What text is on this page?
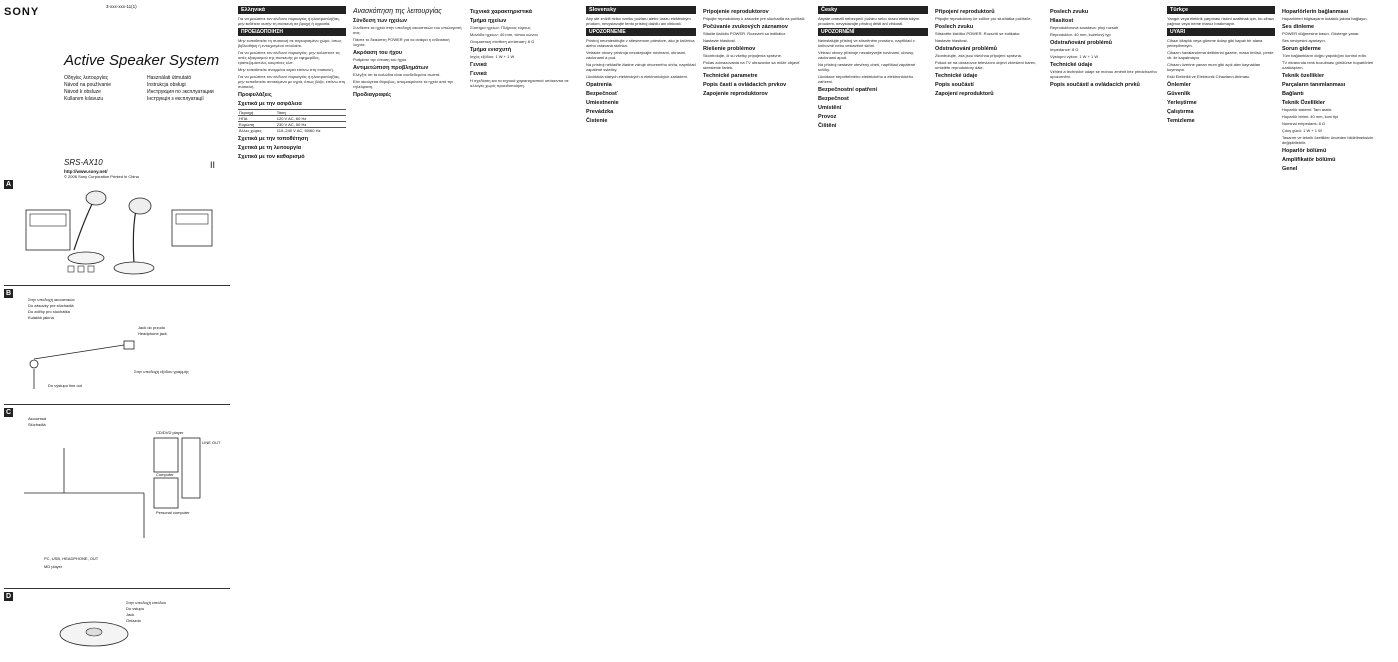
SONY
Active Speaker System
Οδηγίες λειτουργίας	Használati útmutató
Návod na používanie	Instrukcja obsługi
Návod k obsluze	Инструкция по эксплуатации
Kullanım kılavuzu	Інструкція з експлуатації
SRS-AX10
http://www.sony.net/
© 2006 Sony Corporation Printed in China
3-xxx-xxx-11(1)
II
A
B
Στην υποδοχή ακουστικών
Do zásuvky pre slúchadlá
Do zdířky pro sluchátka
Kulaklık jakına
Jack do przodu
Headphone jack
Στην υποδοχή εξόδου γραμμής
Do výstupu line out
C
Ακουστικά
Slúchadlá
CD/DVD player
Computer
LINE OUT
Personal computer
PC, USB, HEADPHONE, OUT
MD player
D
Στην υποδοχή εισόδου
Do vstupu
Jack
Gniazdo
Ελληνικά

Για να μειώσετε τον κίνδυνο πυρκαγιάς ή ηλεκτροπληξίας, μην εκθέτετε αυτήν τη συσκευή σε βροχή ή υγρασία.

ΠΡΟΕΙΔΟΠΟΙΗΣΗ

Μην τοποθετείτε τη συσκευή σε περιορισμένο χώρο, όπως βιβλιοθήκη ή εντοιχισμένο ντουλάπι.

Για να μειώσετε τον κίνδυνο πυρκαγιάς, μην καλύπτετε τις οπές εξαερισμού της συσκευής με εφημερίδες, τραπεζομάντιλα, κουρτίνες κλπ.

Μην τοποθετείτε αναμμένα κεριά επάνω στη συσκευή.

Για να μειώσετε τον κίνδυνο πυρκαγιάς ή ηλεκτροπληξίας, μην τοποθετείτε αντικείμενα με υγρά, όπως βάζα, επάνω στη συσκευή.

Προφυλάξεις
Σχετικά με την ασφάλεια
Περιοχή	Τάση
ΗΠΑ	120 V AC, 60 Hz
Ευρώπη	230 V AC, 50 Hz
Άλλες χώρες	110–240 V AC, 50/60 Hz
Σχετικά με την τοποθέτηση
Σχετικά με τη λειτουργία
Σχετικά με τον καθαρισμό
Ανασκόπηση της λειτουργίας
Σύνδεση των ηχείων

Συνδέστε τα ηχεία στην υποδοχή ακουστικών του υπολογιστή σας.

Πιέστε το διακόπτη POWER για να ανάψει η ενδεικτική λυχνία.

Ακρόαση του ήχου

Ρυθμίστε την ένταση του ήχου.

Αντιμετώπιση προβλημάτων

Ελέγξτε ότι τα καλώδια είναι συνδεδεμένα σωστά.

Εάν ακούγεται θόρυβος, απομακρύνετε τα ηχεία από την τηλεόραση.

Προδιαγραφές
Τεχνικά χαρακτηριστικά
Τμήμα ηχείων

Σύστημα ηχείων: Πλήρους εύρους

Μονάδα ηχείων: 40 mm, τύπου κώνου

Ονομαστική σύνθετη αντίσταση: 8 Ω

Τμήμα ενισχυτή

Ισχύς εξόδου: 1 W + 1 W

Γενικά
Γενικά

Η σχεδίαση και τα τεχνικά χαρακτηριστικά υπόκεινται σε αλλαγές χωρίς προειδοποίηση.

Slovensky

Aby ste znížili riziko vzniku požiaru alebo úrazu elektrickým prúdom, nevystavujte tento prístroj dažďu ani vlhkosti.

UPOZORNENIE

Prístroj neumiestňujte v stiesnenom priestore, ako je knižnica alebo vstavaná skrinka.

Vetracie otvory prístroja nezakrývajte novinami, obrusmi, záclonami a pod.

Na prístroj neklaďte žiadne zdroje otvoreného ohňa, napríklad zapálené sviečky.

Likvidácia starých elektrických a elektronických zariadení.

Opatrenia
Bezpečnosť
Umiestnenie
Prevádzka
Čistenie
Pripojenie reproduktorov

Pripojte reproduktory k zásuvke pre slúchadlá na počítači.

Počúvanie zvukových záznamov

Stlačte tlačidlo POWER. Rozsvieti sa indikátor.

Nastavte hlasitosť.

Riešenie problémov

Skontrolujte, či sú všetky pripojenia správne.

Počas zobrazovania na TV obrazovke sa môže objaviť skreslenie farieb.

Technické parametre
Popis častí a ovládacích prvkov
Zapojenie reproduktorov
Česky

Abyste omezili nebezpečí požáru nebo úrazu elektrickým proudem, nevystavujte přístroj dešti ani vlhkosti.

UPOZORNĚNÍ

Neinstalujte přístroj ve stísněném prostoru, například v knihovně nebo vestavěné skříni.

Větrací otvory přístroje nezakrývejte novinami, ubrusy, záclonami apod.

Na přístroj nestavte otevřený oheň, například zapálené svíčky.

Likvidace nepotřebného elektrického a elektronického zařízení.

Bezpečnostní opatření
Bezpečnost
Umístění
Provoz
Čištění
Připojení reproduktorů

Připojte reproduktory ke zdířce pro sluchátka počítače.

Poslech zvuku

Stiskněte tlačítko POWER. Rozsvítí se indikátor.

Nastavte hlasitost.

Odstraňování problémů

Zkontrolujte, zda jsou všechna připojení správná.

Pokud se na obrazovce televizoru objeví zkreslení barev, umístěte reproduktory dále.

Technické údaje
Popis součástí
Zapojení reproduktorů
Poslech zvuku
Hlasitost

Reproduktorová soustava: plný rozsah

Reproduktor: 40 mm, kuželový typ

Odstraňování problémů

Impedance: 8 Ω

Výstupní výkon: 1 W + 1 W

Technické údaje

Vzhled a technické údaje se mohou změnit bez předchozího upozornění.

Popis součástí a ovládacích prvků
Türkçe

Yangın veya elektrik çarpması riskini azaltmak için, bu cihazı yağmur veya neme maruz bırakmayın.

UYARI

Cihazı kitaplık veya gömme dolap gibi kapalı bir alana yerleştirmeyin.

Cihazın havalandırma deliklerini gazete, masa örtüsü, perde vb. ile kapatmayın.

Cihazın üzerine yanan mum gibi açık alev kaynakları koymayın.

Eski Elektrikli ve Elektronik Cihazların Atılması.

Önlemler
Güvenlik
Yerleştirme
Çalıştırma
Temizleme
Hoparlörlerin bağlanması

Hoparlörleri bilgisayarın kulaklık jakına bağlayın.

Ses dinleme

POWER düğmesine basın. Gösterge yanar.

Ses seviyesini ayarlayın.

Sorun giderme

Tüm bağlantıların doğru yapıldığını kontrol edin.

TV ekranında renk bozulması görülürse hoparlörleri uzaklaştırın.

Teknik özellikler
Parçaların tanımlanması
Bağlantı
Teknik Özellikler

Hoparlör sistemi: Tam aralık

Hoparlör birimi: 40 mm, koni tipi

Nominal empedans: 8 Ω

Çıkış gücü: 1 W + 1 W

Tasarım ve teknik özellikler önceden bildirilmeksizin değiştirilebilir.

Hoparlör bölümü
Amplifikatör bölümü
Genel
